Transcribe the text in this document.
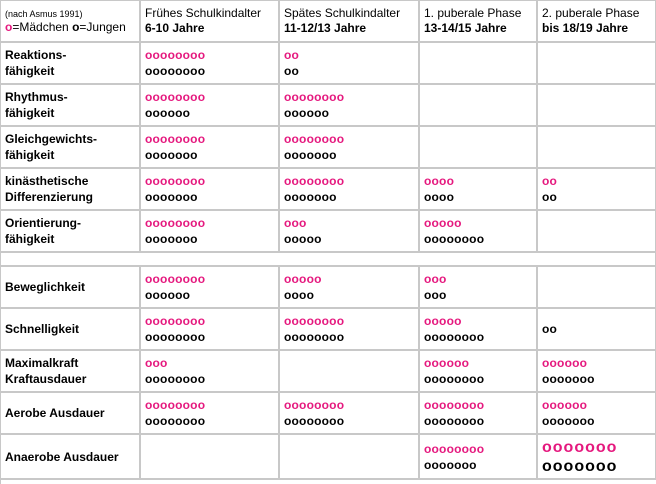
(nach Asmus 1991)
o=Mädchen o=Jungen
Frühes Schulkindalter
6-10 Jahre
Spätes Schulkindalter
11-12/13 Jahre
1. puberale Phase
13-14/15 Jahre
2. puberale Phase
bis 18/19 Jahre
Reaktions-
fähigkeit
oooooooo
oooooooo
oo
oo
Rhythmus-
fähigkeit
oooooooo
oooooo
oooooooo
oooooo
Gleichgewichts-
fähigkeit
oooooooo
ooooooo
oooooooo
ooooooo
kinästhetische
Differenzierung
oooooooo
ooooooo
oooooooo
ooooooo
oooo
oooo
oo
oo
Orientierung-
fähigkeit
oooooooo
ooooooo
ooo
ooooo
ooooo
oooooooo
Beweglichkeit
oooooooo
oooooo
ooooo
oooo
ooo
ooo
Schnelligkeit
oooooooo
oooooooo
oooooooo
oooooooo
ooooo
oooooooo
oo
Maximalkraft
Kraftausdauer
ooo
oooooooo
oooooo
oooooooo
oooooo
ooooooo
Aerobe Ausdauer
oooooooo
oooooooo
oooooooo
oooooooo
oooooooo
oooooooo
oooooo
ooooooo
Anaerobe Ausdauer
oooooooo
ooooooo
ooooooo
ooooooo
